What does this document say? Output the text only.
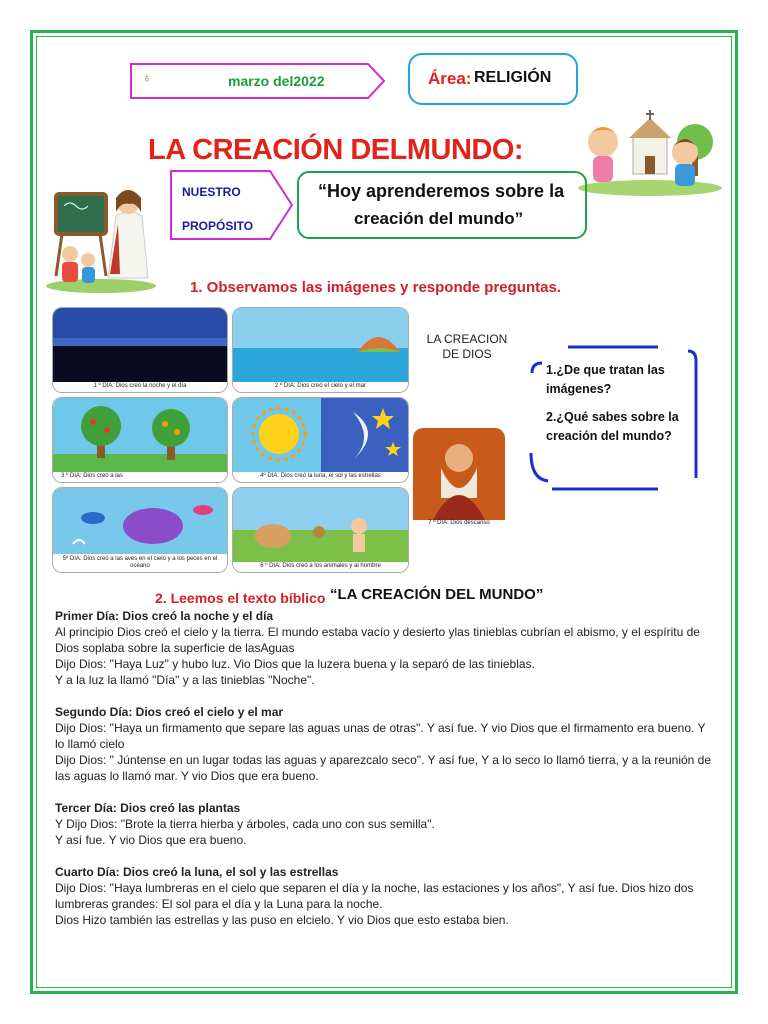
♁	marzo del2022	Área: RELIGIÓN
LA CREACIÓN DELMUNDO:
NUESTRO
PROPÓSITO
“Hoy aprenderemos sobre la
creación del mundo”
1. Observamos las imágenes y responde preguntas.
1 º DIA: Dios creó la noche y el día	2 º DIA: Dios creó el cielo y el mar
3 º DIA: Dios creó a las	4º DIA: Dios creó la luna, el sol y las estrellas
5º DIA: Dios creó a las aves en el cielo y a los peces en el océano	6 º DIA: Dios creó a los animales y al hombre
LA CREACION DE DIOS
7 º DIA: Dios descanso
1.¿De que tratan las imágenes?
2.¿Qué sabes sobre la creación del mundo?
2. Leemos el texto bíblico “LA CREACIÓN DEL MUNDO”

Primer Día: Dios creó la noche y el día

Al principio Dios creó el cielo y la tierra. El mundo estaba vacío y desierto ylas tinieblas cubrían el abismo, y el espíritu de Dios soplaba sobre la superficie de lasAguas

Dijo Dios: "Haya Luz" y hubo luz. Vio Dios que la luzera buena y la separó de las tinieblas.

Y a la luz la llamó "Día" y a las tinieblas "Noche".

Segundo Día: Dios creó el cielo y el mar

Dijo Dios: "Haya un firmamento que separe las aguas unas de otras". Y así fue. Y vio Dios que el firmamento era bueno. Y lo llamó cielo

Dijo Dios: " Júntense en un lugar todas las aguas y aparezcalo seco". Y así fue, Y a lo seco lo llamó tierra, y a la reunión de las aguas lo llamó mar. Y vio Dios que era bueno.

Tercer Día: Dios creó las plantas

Y Dijo Dios: "Brote la tierra hierba y árboles, cada uno con sus semilla".

Y así fue. Y vio Dios que era bueno.

Cuarto Día: Dios creó la luna, el sol y las estrellas

Dijo Dios: "Haya lumbreras en el cielo que separen el día y la noche, las estaciones y los años", Y así fue. Dios hizo dos lumbreras grandes: El sol para el día y la Luna para la noche.

Dios Hizo también las estrellas y las puso en elcielo. Y vio Dios que esto estaba bien.
